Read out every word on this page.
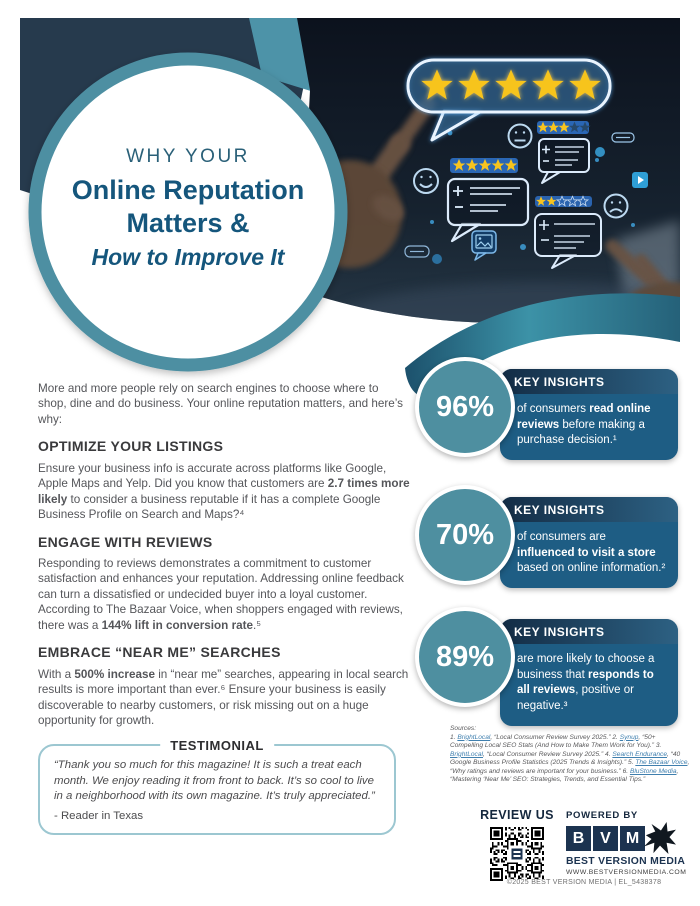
WHY YOUR
Online Reputation
Matters &
How to Improve It

More and more people rely on search engines to choose where to shop, dine and do business. Your online reputation matters, and here’s why:

OPTIMIZE YOUR LISTINGS

Ensure your business info is accurate across platforms like Google, Apple Maps and Yelp. Did you know that customers are 2.7 times more likely to consider a business reputable if it has a complete Google Business Profile on Search and Maps?⁴

ENGAGE WITH REVIEWS

Responding to reviews demonstrates a commitment to customer satisfaction and enhances your reputation. Addressing online feedback can turn a dissatisfied or undecided buyer into a loyal customer. According to The Bazaar Voice, when shoppers engaged with reviews, there was a 144% lift in conversion rate.⁵

EMBRACE “NEAR ME” SEARCHES

With a 500% increase in “near me” searches, appearing in local search results is more important than ever.⁶ Ensure your business is easily discoverable to nearby customers, or risk missing out on a huge opportunity for growth.

TESTIMONIAL

“Thank you so much for this magazine! It is such a treat each month. We enjoy reading it from front to back. It’s so cool to live in a neighborhood with its own magazine. It’s truly appreciated.”

- Reader in Texas
KEY INSIGHTS
of consumers read online reviews before making a purchase decision.¹
96%
KEY INSIGHTS
of consumers are influenced to visit a store based on online information.²
70%
KEY INSIGHTS
are more likely to choose a business that responds to all reviews, positive or negative.³
89%
Sources:
1. BrightLocal, “Local Consumer Review Survey 2025.” 2. Synup, “50+ Compelling Local SEO Stats (And How to Make Them Work for You).” 3. BrightLocal, “Local Consumer Review Survey 2025.” 4. Search Endurance, “40 Google Business Profile Statistics (2025 Trends & Insights).” 5. The Bazaar Voice, “Why ratings and reviews are important for your business.” 6. BluStone Media, “Mastering ‘Near Me’ SEO: Strategies, Trends, and Essential Tips.”
REVIEW US	POWERED BY
B V M
BEST VERSION MEDIA
WWW.BESTVERSIONMEDIA.COM
©2025 BEST VERSION MEDIA | EL_5438378
